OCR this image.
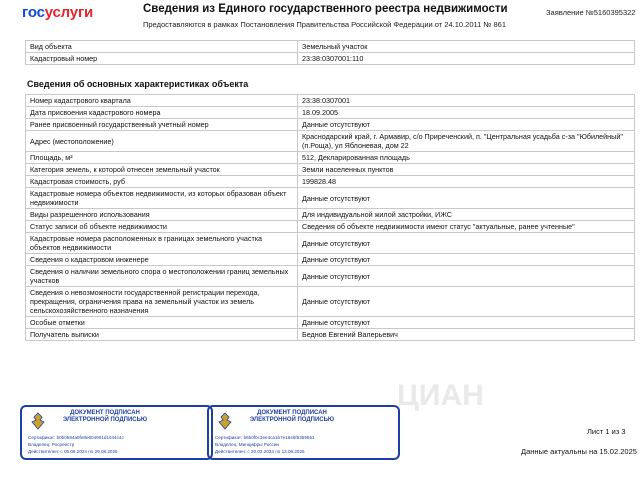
госуслуги	Сведения из Единого государственного реестра недвижимости
Предоставляются в рамках Постановления Правительства Российской Федерации от 24.10.2011 № 861
Заявление №5160395322
Вид объекта	Земельный участок
Кадастровый номер	23:38:0307001:110
Сведения об основных характеристиках объекта
Номер кадастрового квартала	23:38:0307001
Дата присвоения кадастрового номера	18.09.2005
Ранее присвоенный государственный учетный номер	Данные отсутствуют
Адрес (местоположение)	Краснодарский край, г. Армавир, с/о Приреченский, п. "Центральная усадьба с-за "Юбилейный" (п.Роща), ул Яблоневая, дом 22
Площадь, м²	512, Декларированная площадь
Категория земель, к которой отнесен земельный участок	Земли населенных пунктов
Кадастровая стоимость, руб	199828.48
Кадастровые номера объектов недвижимости, из которых образован объект недвижимости	Данные отсутствуют
Виды разрешенного использования	Для индивидуальной жилой застройки, ИЖС
Статус записи об объекте недвижимости	Сведения об объекте недвижимости имеют статус "актуальные, ранее учтенные"
Кадастровые номера расположенных в границах земельного участка объектов недвижимости	Данные отсутствуют
Сведения о кадастровом инженере	Данные отсутствуют
Сведения о наличии земельного спора о местоположении границ земельных участков	Данные отсутствуют
Сведения о невозможности государственной регистрации перехода, прекращения, ограничения права на земельный участок из земель сельскохозяйственного назначения	Данные отсутствуют
Особые отметки	Данные отсутствуют
Получатель выписки	Беднов Евгений Валерьевич
ЦИАН
ДОКУМЕНТ ПОДПИСАН ЭЛЕКТРОННОЙ ПОДПИСЬЮ
Сертификат: b0b0584a9fe8e604901d1044c4c
Владелец: Росреестр
Действителен: с 05.06.2024 по 29.08.2025
ДОКУМЕНТ ПОДПИСАН ЭЛЕКТРОННОЙ ПОДПИСЬЮ
Сертификат: b5b0f0c3ee4ca1b7e1646f5359551
Владелец: Минцифры России
Действителен: с 20.03.2024 по 13.06.2025
Лист 1 из 3
Данные актуальны на 15.02.2025
